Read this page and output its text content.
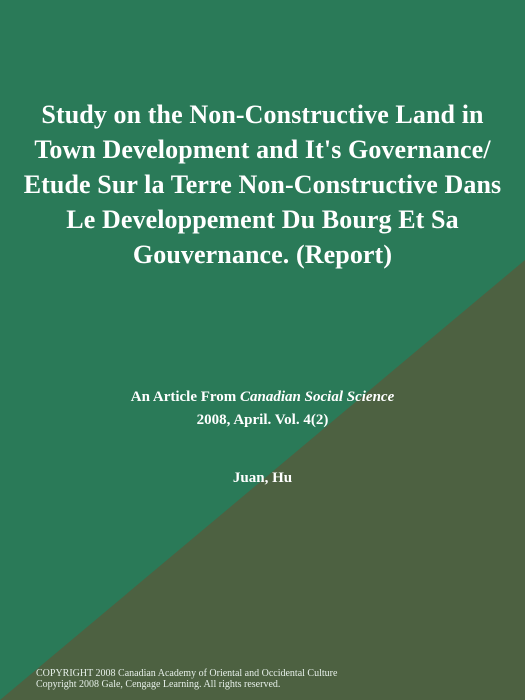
Study on the Non-Constructive Land in Town Development and It's Governance/ Etude Sur la Terre Non-Constructive Dans Le Developpement Du Bourg Et Sa Gouvernance. (Report)
An Article From Canadian Social Science
2008, April. Vol. 4(2)
Juan, Hu
COPYRIGHT 2008 Canadian Academy of Oriental and Occidental Culture
Copyright 2008 Gale, Cengage Learning. All rights reserved.
